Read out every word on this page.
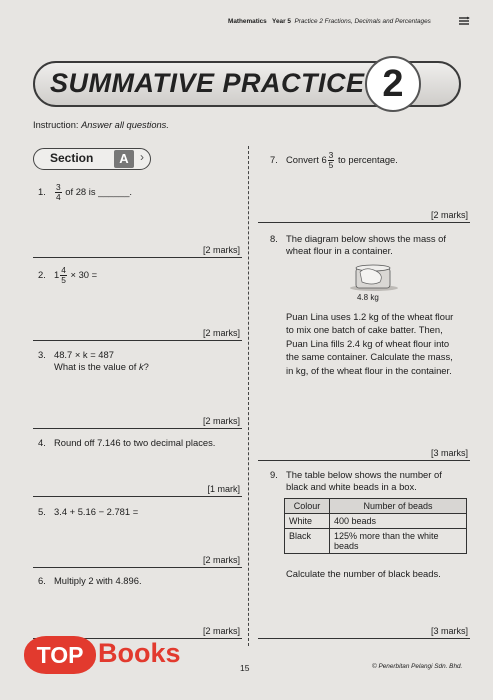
Mathematics Year 5 Practice 2 Fractions, Decimals and Percentages
SUMMATIVE PRACTICE 2
Instruction: Answer all questions.
Section	A ›
1. $\frac{3}{4}$ of 28 is ______.
[2 marks]
2. $1 \frac{4}{5} \times 30$ =
[2 marks]
3. 48.7 × k = 487
What is the value of k?
[2 marks]
4. Round off 7.146 to two decimal places.
[1 mark]
5. 3.4 + 5.16 − 2.781 =
[2 marks]
6. Multiply 2 with 4.896.
[2 marks]
7. Convert $6 \frac{3}{5}$ to percentage.
[2 marks]
8. The diagram below shows the mass of
wheat flour in a container.
4.8 kg
Puan Lina uses 1.2 kg of the wheat flour
to mix one batch of cake batter. Then,
Puan Lina fills 2.4 kg of wheat flour into
the same container. Calculate the mass,
in kg, of the wheat flour in the container.
[3 marks]
9. The table below shows the number of
black and white beads in a box.
Colour	Number of beads
White	400 beads
Black	125% more than the white beads
Calculate the number of black beads.
[3 marks]
15	© Penerbitan Pelangi Sdn. Bhd.
TOP Books
